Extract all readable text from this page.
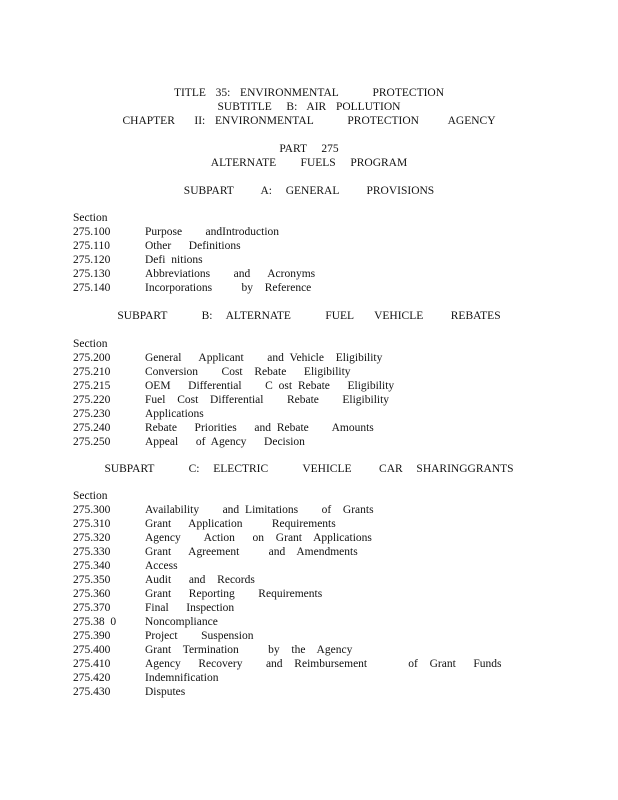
TITLE  35:  ENVIRONMENTAL       PROTECTION
SUBTITLE   B:  AIR  POLLUTION
CHAPTER    II:  ENVIRONMENTAL       PROTECTION      AGENCY
PART   275
ALTERNATE     FUELS   PROGRAM
SUBPART    A:  GENERAL    PROVISIONS
Section
275.100	Purpose    andIntroduction
275.110	Other   Definitions
275.120	Defi nitions
275.130	Abbreviations    and   Acronyms
275.140	Incorporations     by  Reference
SUBPART     B:  ALTERNATE     FUEL   VEHICLE    REBATES
Section
275.200	General   Applicant    and Vehicle  Eligibility
275.210	Conversion    Cost  Rebate   Eligibility
275.215	OEM   Differential    C ost Rebate   Eligibility
275.220	Fuel  Cost  Differential    Rebate    Eligibility
275.230	Applications
275.240	Rebate   Priorities   and Rebate    Amounts
275.250	Appeal   of Agency   Decision
SUBPART     C:  ELECTRIC     VEHICLE    CAR  SHARINGGRANTS
Section
275.300	Availability    and Limitations    of  Grants
275.310	Grant   Application     Requirements
275.320	Agency    Action   on  Grant  Applications
275.330	Grant   Agreement     and  Amendments
275.340	Access
275.350	Audit   and  Records
275.360	Grant   Reporting    Requirements
275.370	Final   Inspection
275.38  0	Noncompliance
275.390	Project    Suspension
275.400	Grant  Termination     by  the  Agency
275.410	Agency   Recovery    and  Reimbursement       of  Grant   Funds
275.420	Indemnification
275.430	Disputes
